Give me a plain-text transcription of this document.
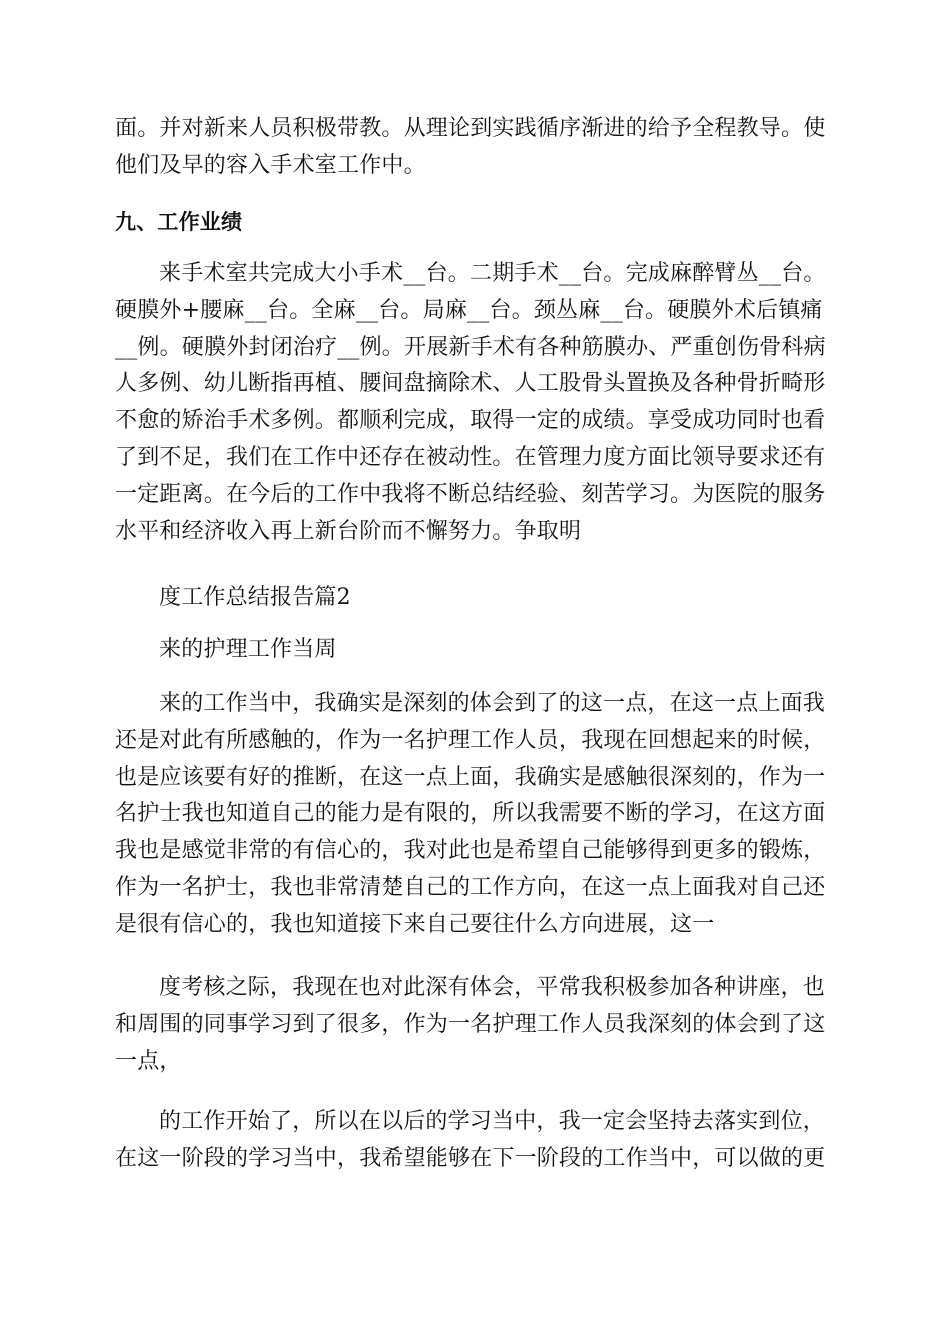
面。并对新来人员积极带教。从理论到实践循序渐进的给予全程教导。使
他们及早的容入手术室工作中。

九、工作业绩

来手术室共完成大小手术__台。二期手术__台。完成麻醉臂丛__台。
硬膜外+腰麻__台。全麻__台。局麻__台。颈丛麻__台。硬膜外术后镇痛
__例。硬膜外封闭治疗__例。开展新手术有各种筋膜办、严重创伤骨科病
人多例、幼儿断指再植、腰间盘摘除术、人工股骨头置换及各种骨折畸形
不愈的矫治手术多例。都顺利完成，取得一定的成绩。享受成功同时也看
了到不足，我们在工作中还存在被动性。在管理力度方面比领导要求还有
一定距离。在今后的工作中我将不断总结经验、刻苦学习。为医院的服务
水平和经济收入再上新台阶而不懈努力。争取明

度工作总结报告篇2

来的护理工作当周

来的工作当中，我确实是深刻的体会到了的这一点，在这一点上面我
还是对此有所感触的，作为一名护理工作人员，我现在回想起来的时候，
也是应该要有好的推断，在这一点上面，我确实是感触很深刻的，作为一
名护士我也知道自己的能力是有限的，所以我需要不断的学习，在这方面
我也是感觉非常的有信心的，我对此也是希望自己能够得到更多的锻炼，
作为一名护士，我也非常清楚自己的工作方向，在这一点上面我对自己还
是很有信心的，我也知道接下来自己要往什么方向进展，这一

度考核之际，我现在也对此深有体会，平常我积极参加各种讲座，也
和周围的同事学习到了很多，作为一名护理工作人员我深刻的体会到了这
一点，

的工作开始了，所以在以后的学习当中，我一定会坚持去落实到位，
在这一阶段的学习当中，我希望能够在下一阶段的工作当中，可以做的更
